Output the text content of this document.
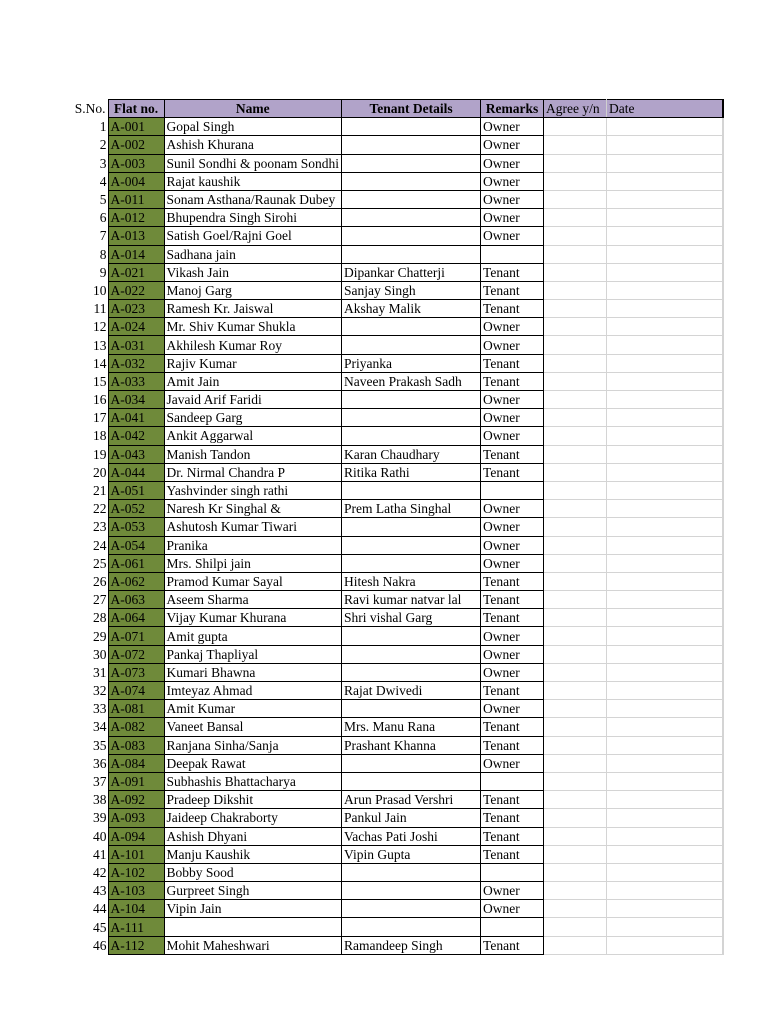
S.No.	Flat no.	Name	Tenant Details	Remarks	Agree y/n	Date
1	A-001	Gopal Singh		Owner		
2	A-002	Ashish Khurana		Owner		
3	A-003	Sunil Sondhi & poonam Sondhi		Owner		
4	A-004	Rajat kaushik		Owner		
5	A-011	Sonam Asthana/Raunak Dubey		Owner		
6	A-012	Bhupendra Singh Sirohi		Owner		
7	A-013	Satish Goel/Rajni Goel		Owner		
8	A-014	Sadhana jain				
9	A-021	Vikash Jain	Dipankar Chatterji	Tenant		
10	A-022	Manoj Garg	Sanjay Singh	Tenant		
11	A-023	Ramesh Kr. Jaiswal	Akshay Malik	Tenant		
12	A-024	Mr. Shiv Kumar Shukla		Owner		
13	A-031	Akhilesh Kumar Roy		Owner		
14	A-032	Rajiv Kumar	Priyanka	Tenant		
15	A-033	Amit Jain	Naveen Prakash Sadh	Tenant		
16	A-034	Javaid Arif Faridi		Owner		
17	A-041	Sandeep Garg		Owner		
18	A-042	Ankit Aggarwal		Owner		
19	A-043	Manish Tandon	Karan Chaudhary	Tenant		
20	A-044	Dr. Nirmal Chandra P	Ritika Rathi	Tenant		
21	A-051	Yashvinder singh rathi				
22	A-052	Naresh Kr Singhal &	Prem Latha Singhal	Owner		
23	A-053	Ashutosh Kumar Tiwari		Owner		
24	A-054	Pranika		Owner		
25	A-061	Mrs. Shilpi jain		Owner		
26	A-062	Pramod Kumar Sayal	Hitesh Nakra	Tenant		
27	A-063	Aseem Sharma	Ravi kumar natvar lal	Tenant		
28	A-064	Vijay Kumar Khurana	Shri vishal Garg	Tenant		
29	A-071	Amit gupta		Owner		
30	A-072	Pankaj Thapliyal		Owner		
31	A-073	Kumari Bhawna		Owner		
32	A-074	Imteyaz Ahmad	Rajat Dwivedi	Tenant		
33	A-081	Amit Kumar		Owner		
34	A-082	Vaneet Bansal	Mrs. Manu Rana	Tenant		
35	A-083	Ranjana Sinha/Sanja	Prashant Khanna	Tenant		
36	A-084	Deepak Rawat		Owner		
37	A-091	Subhashis Bhattacharya				
38	A-092	Pradeep Dikshit	Arun Prasad Vershri	Tenant		
39	A-093	Jaideep Chakraborty	Pankul Jain	Tenant		
40	A-094	Ashish Dhyani	Vachas Pati Joshi	Tenant		
41	A-101	Manju Kaushik	Vipin Gupta	Tenant		
42	A-102	Bobby Sood				
43	A-103	Gurpreet Singh		Owner		
44	A-104	Vipin Jain		Owner		
45	A-111					
46	A-112	Mohit Maheshwari	Ramandeep Singh	Tenant		
